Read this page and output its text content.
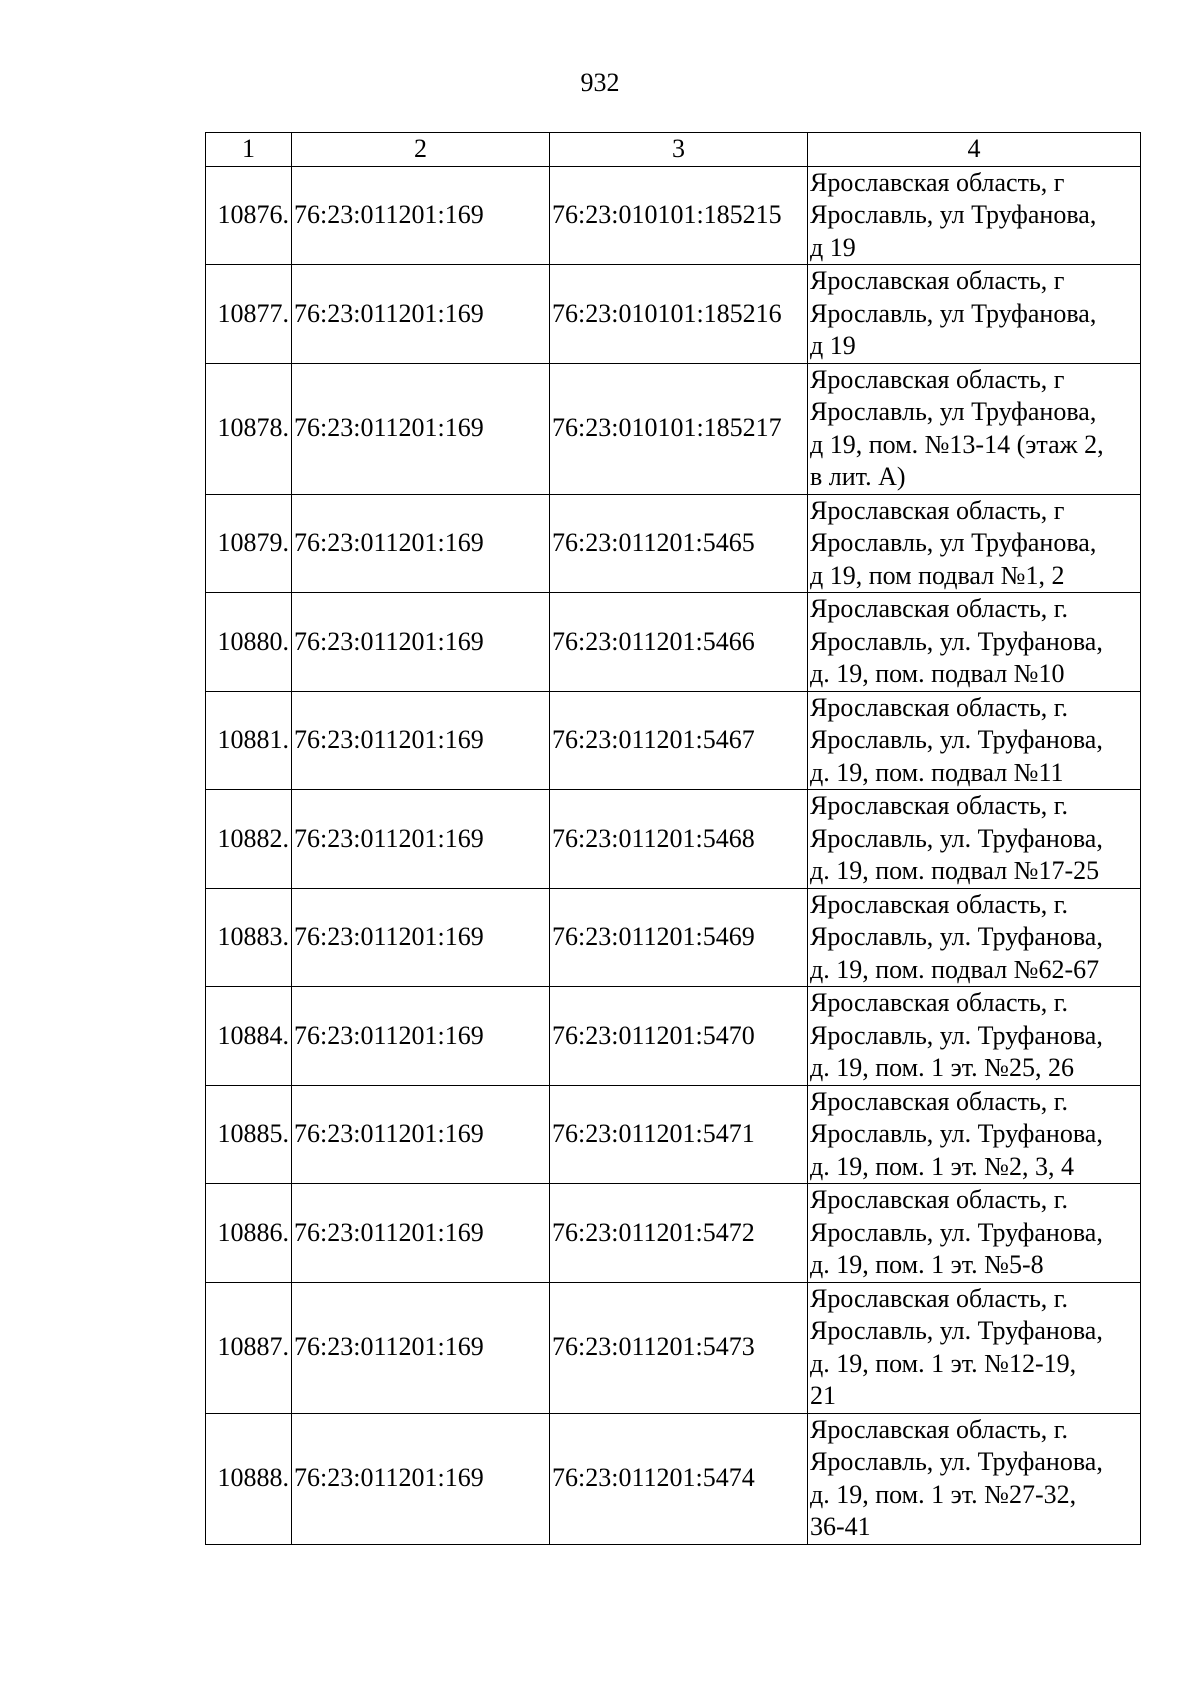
932
1	2	3	4
10876.	76:23:011201:169	76:23:010101:185215	Ярославская область, г
Ярославль, ул Труфанова,
д 19

10877.	76:23:011201:169	76:23:010101:185216	Ярославская область, г
Ярославль, ул Труфанова,
д 19

10878.	76:23:011201:169	76:23:010101:185217	Ярославская область, г
Ярославль, ул Труфанова,
д 19, пом. №13-14 (этаж 2,
в лит. А)

10879.	76:23:011201:169	76:23:011201:5465	Ярославская область, г
Ярославль, ул Труфанова,
д 19, пом подвал №1, 2

10880.	76:23:011201:169	76:23:011201:5466	Ярославская область, г.
Ярославль, ул. Труфанова,
д. 19, пом. подвал №10

10881.	76:23:011201:169	76:23:011201:5467	Ярославская область, г.
Ярославль, ул. Труфанова,
д. 19, пом. подвал №11

10882.	76:23:011201:169	76:23:011201:5468	Ярославская область, г.
Ярославль, ул. Труфанова,
д. 19, пом. подвал №17-25

10883.	76:23:011201:169	76:23:011201:5469	Ярославская область, г.
Ярославль, ул. Труфанова,
д. 19, пом. подвал №62-67

10884.	76:23:011201:169	76:23:011201:5470	Ярославская область, г.
Ярославль, ул. Труфанова,
д. 19, пом. 1 эт. №25, 26

10885.	76:23:011201:169	76:23:011201:5471	Ярославская область, г.
Ярославль, ул. Труфанова,
д. 19, пом. 1 эт. №2, 3, 4

10886.	76:23:011201:169	76:23:011201:5472	Ярославская область, г.
Ярославль, ул. Труфанова,
д. 19, пом. 1 эт. №5-8

10887.	76:23:011201:169	76:23:011201:5473	Ярославская область, г.
Ярославль, ул. Труфанова,
д. 19, пом. 1 эт. №12-19,
21

10888.	76:23:011201:169	76:23:011201:5474	Ярославская область, г.
Ярославль, ул. Труфанова,
д. 19, пом. 1 эт. №27-32,
36-41
